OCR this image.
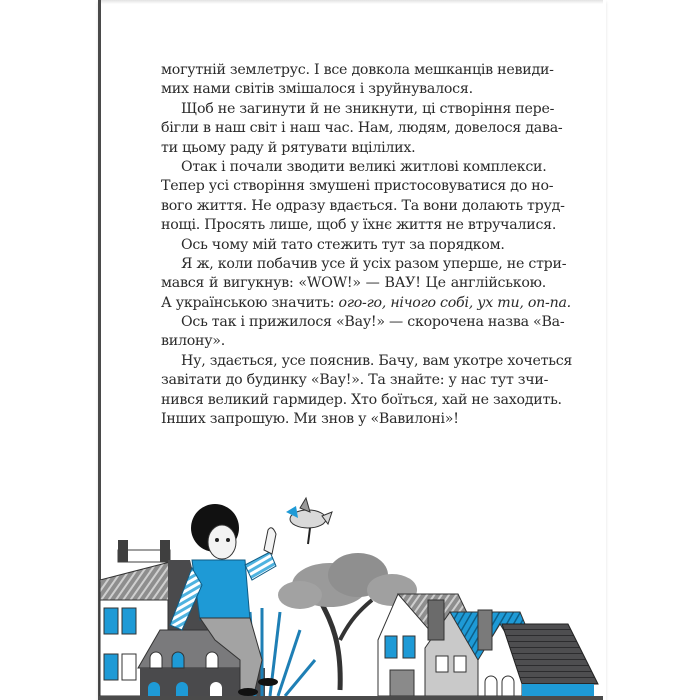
могутній землетрус. І все довкола мешканців невиди-
мих нами світів змішалося і зруйнувалося.
Щоб не загинути й не зникнути, ці створіння пере-
бігли в наш світ і наш час. Нам, людям, довелося дава-
ти цьому раду й рятувати вцілілих.
Отак і почали зводити великі житлові комплекси.
Тепер усі створіння змушені пристосовуватися до но-
вого життя. Не одразу вдається. Та вони долають труд-
нощі. Просять лише, щоб у їхнє життя не втручалися.
Ось чому мій тато стежить тут за порядком.
Я ж, коли побачив усе й усіх разом уперше, не стри-
мався й вигукнув: «WOW!» — ВАУ! Це англійською.
А українською значить: ого-го, нічого собі, ух ти, оп-па.
Ось так і прижилося «Вау!» — скорочена назва «Ва-
вилону».
Ну, здається, усе пояснив. Бачу, вам укотре хочеться
завітати до будинку «Вау!». Та знайте: у нас тут зчи-
нився великий гармидер. Хто боїться, хай не заходить.
Інших запрошую. Ми знов у «Вавилоні»!
